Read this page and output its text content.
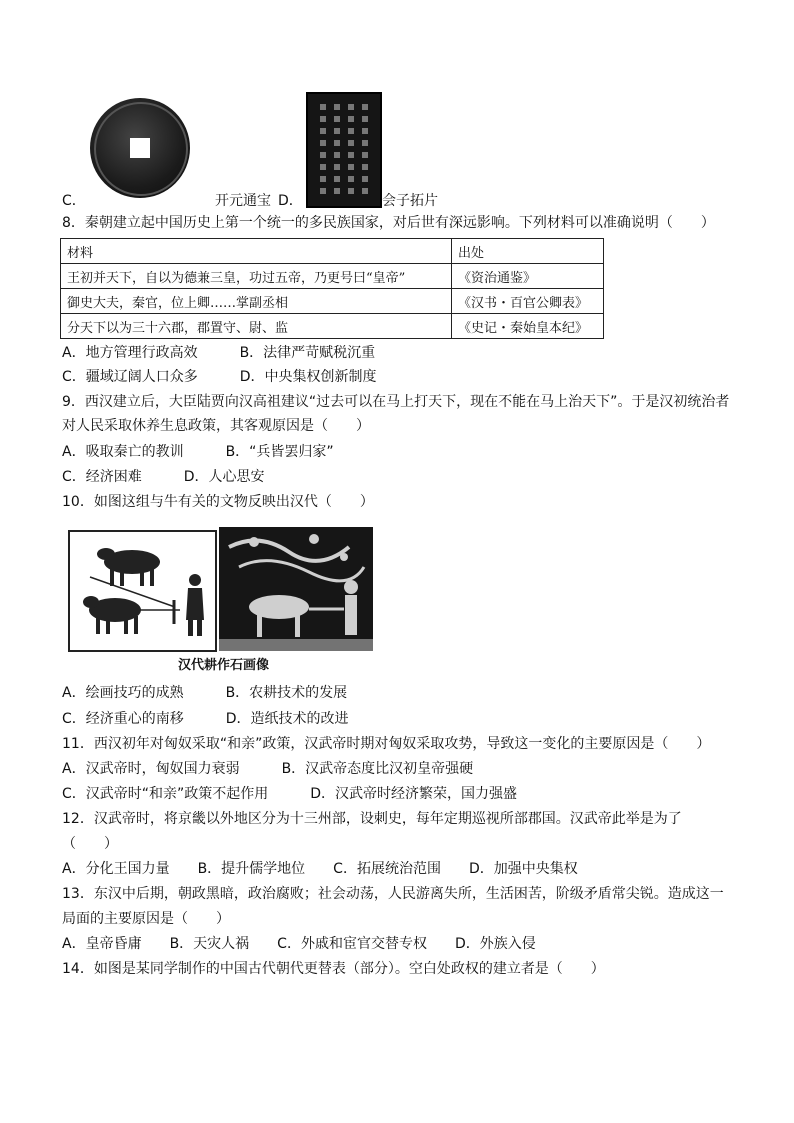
C．	开元通宝 D．	会子拓片
8．秦朝建立起中国历史上第一个统一的多民族国家，对后世有深远影响。下列材料可以准确说明（　　）
材料	出处
王初并天下，自以为德兼三皇，功过五帝，乃更号曰“皇帝”	《资治通鉴》
御史大夫，秦官，位上卿……掌副丞相	《汉书・百官公卿表》
分天下以为三十六郡，郡置守、尉、监	《史记・秦始皇本纪》
A．地方管理行政高效　　　B．法律严苛赋税沉重
C．疆域辽阔人口众多　　　D．中央集权创新制度
9．西汉建立后，大臣陆贾向汉高祖建议“过去可以在马上打天下，现在不能在马上治天下”。于是汉初统治者
对人民采取休养生息政策，其客观原因是（　　）
A．吸取秦亡的教训　　　B．“兵皆罢归家”
C．经济困难　　　D．人心思安
10．如图这组与牛有关的文物反映出汉代（　　）
汉代耕作石画像
A．绘画技巧的成熟　　　B．农耕技术的发展
C．经济重心的南移　　　D．造纸技术的改进
11．西汉初年对匈奴采取“和亲”政策，汉武帝时期对匈奴采取攻势，导致这一变化的主要原因是（　　）
A．汉武帝时，匈奴国力衰弱　　　B．汉武帝态度比汉初皇帝强硬
C．汉武帝时“和亲”政策不起作用　　　D．汉武帝时经济繁荣，国力强盛
12．汉武帝时，将京畿以外地区分为十三州部，设刺史，每年定期巡视所部郡国。汉武帝此举是为了
（　　）
A．分化王国力量　　B．提升儒学地位　　C．拓展统治范围　　D．加强中央集权
13．东汉中后期，朝政黑暗，政治腐败；社会动荡，人民游离失所，生活困苦，阶级矛盾常尖锐。造成这一
局面的主要原因是（　　）
A．皇帝昏庸　　B．天灾人祸　　C．外戚和宦官交替专权　　D．外族入侵
14．如图是某同学制作的中国古代朝代更替表（部分）。空白处政权的建立者是（　　）
